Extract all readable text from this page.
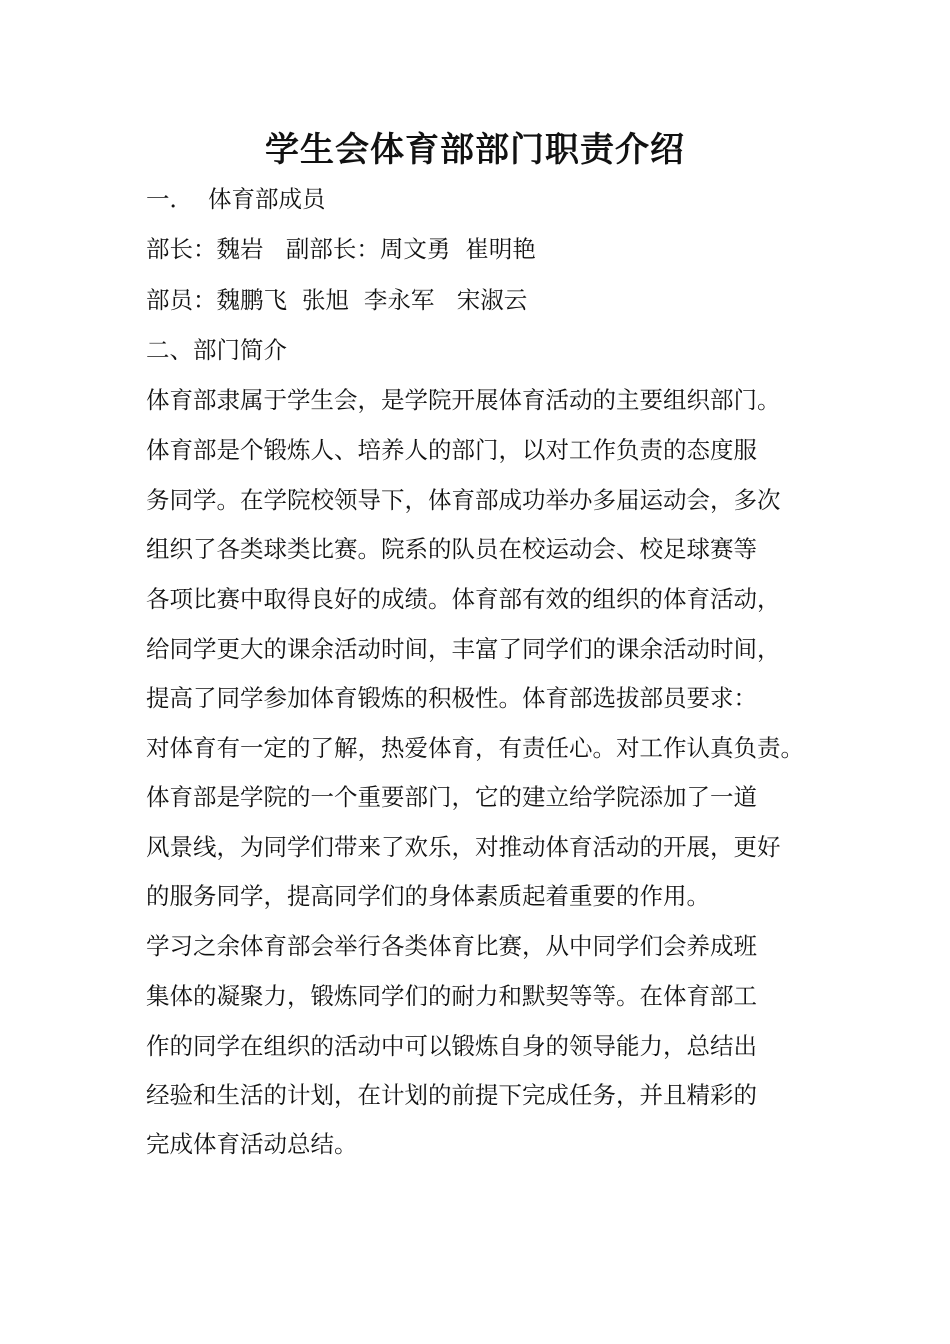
学生会体育部部门职责介绍
一．  体育部成员
部长：魏岩   副部长：周文勇  崔明艳
部员：魏鹏飞  张旭  李永军   宋淑云
二、部门简介
体育部隶属于学生会，是学院开展体育活动的主要组织部门。
体育部是个锻炼人、培养人的部门，以对工作负责的态度服
务同学。在学院校领导下，体育部成功举办多届运动会，多次
组织了各类球类比赛。院系的队员在校运动会、校足球赛等
各项比赛中取得良好的成绩。体育部有效的组织的体育活动，
给同学更大的课余活动时间，丰富了同学们的课余活动时间，
提高了同学参加体育锻炼的积极性。体育部选拔部员要求：
对体育有一定的了解，热爱体育，有责任心。对工作认真负责。
体育部是学院的一个重要部门，它的建立给学院添加了一道
风景线，为同学们带来了欢乐，对推动体育活动的开展，更好
的服务同学，提高同学们的身体素质起着重要的作用。
学习之余体育部会举行各类体育比赛，从中同学们会养成班
集体的凝聚力，锻炼同学们的耐力和默契等等。在体育部工
作的同学在组织的活动中可以锻炼自身的领导能力，总结出
经验和生活的计划，在计划的前提下完成任务，并且精彩的
完成体育活动总结。
